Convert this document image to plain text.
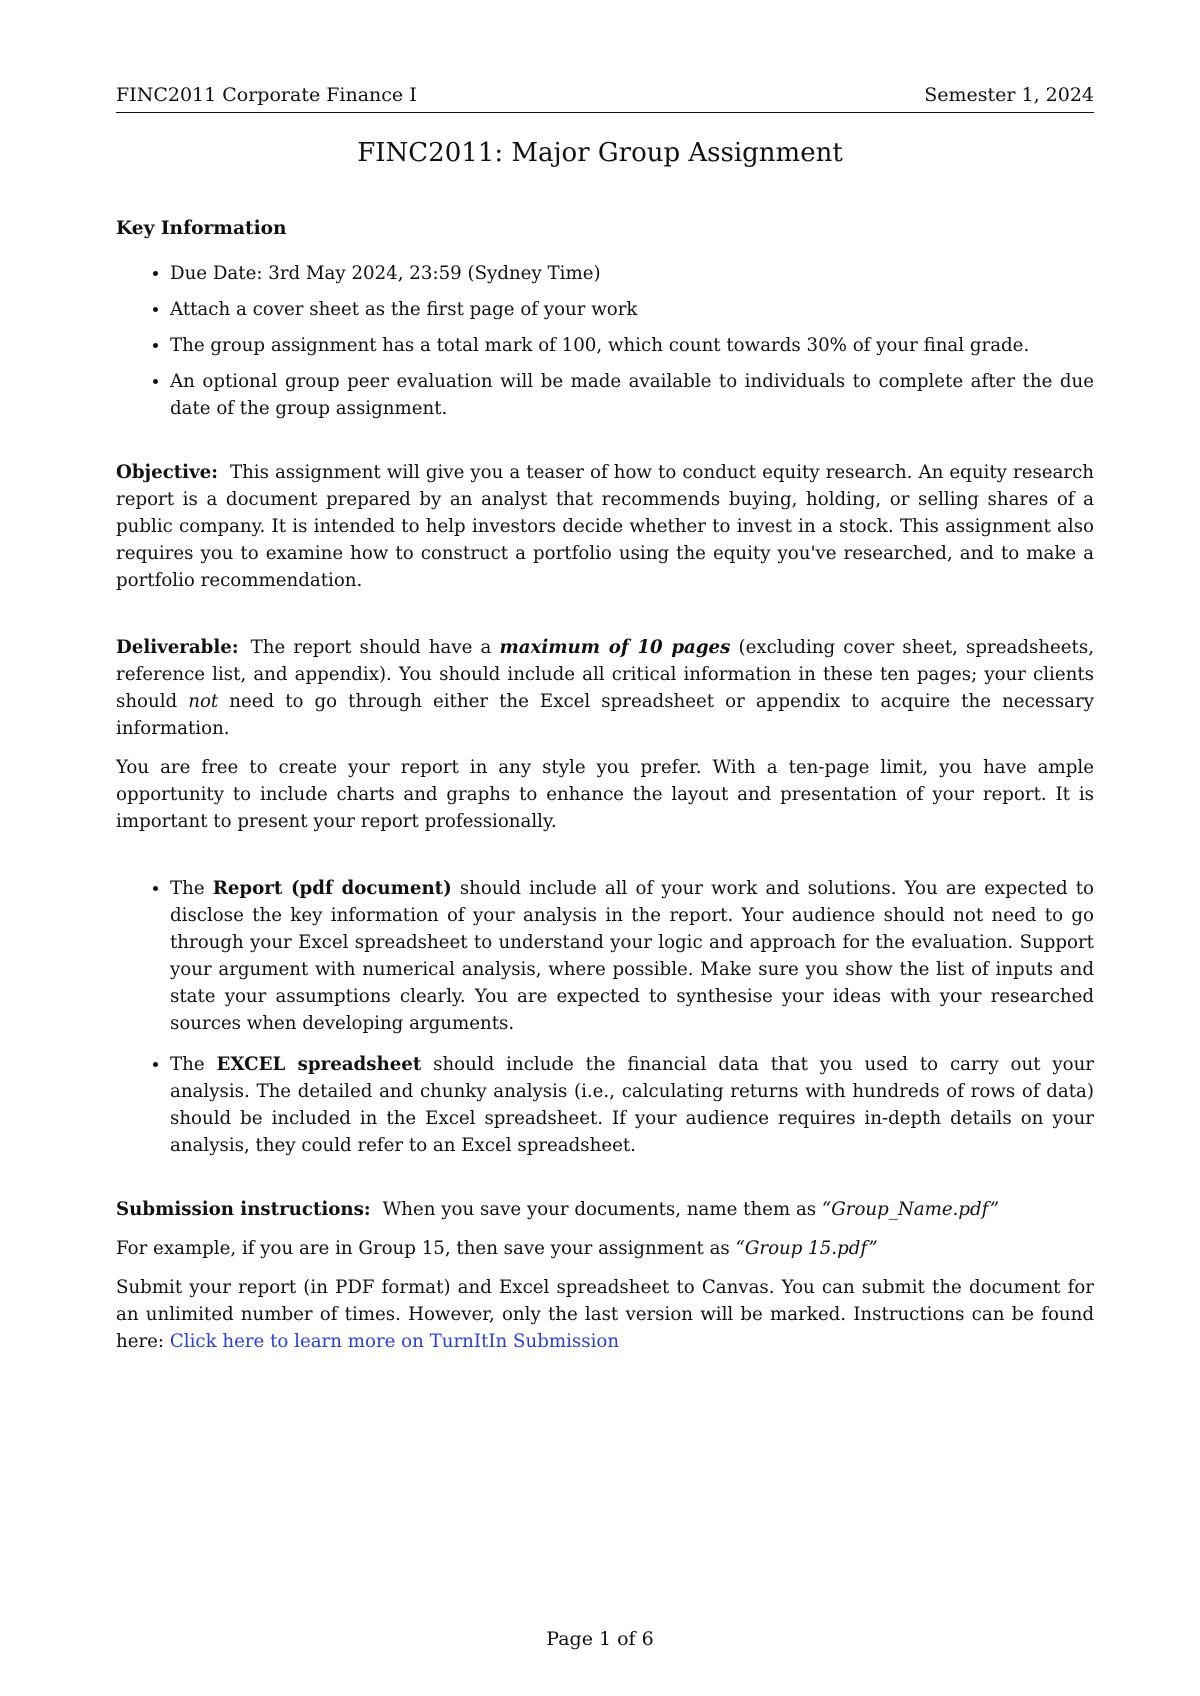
FINC2011 Corporate Finance I	Semester 1, 2024
FINC2011: Major Group Assignment
Key Information
• Due Date: 3rd May 2024, 23:59 (Sydney Time)
• Attach a cover sheet as the first page of your work
• The group assignment has a total mark of 100, which count towards 30% of your final grade.
• An optional group peer evaluation will be made available to individuals to complete after the due date of the group assignment.

Objective: This assignment will give you a teaser of how to conduct equity research. An equity research report is a document prepared by an analyst that recommends buying, holding, or selling shares of a public company. It is intended to help investors decide whether to invest in a stock. This assignment also requires you to examine how to construct a portfolio using the equity you've researched, and to make a portfolio recommendation.

Deliverable: The report should have a maximum of 10 pages (excluding cover sheet, spreadsheets, reference list, and appendix). You should include all critical information in these ten pages; your clients should not need to go through either the Excel spreadsheet or appendix to acquire the necessary information.

You are free to create your report in any style you prefer. With a ten-page limit, you have ample opportunity to include charts and graphs to enhance the layout and presentation of your report. It is important to present your report professionally.

• The Report (pdf document) should include all of your work and solutions. You are expected to disclose the key information of your analysis in the report. Your audience should not need to go through your Excel spreadsheet to understand your logic and approach for the evaluation. Support your argument with numerical analysis, where possible. Make sure you show the list of inputs and state your assumptions clearly. You are expected to synthesise your ideas with your researched sources when developing arguments.
• The EXCEL spreadsheet should include the financial data that you used to carry out your analysis. The detailed and chunky analysis (i.e., calculating returns with hundreds of rows of data) should be included in the Excel spreadsheet. If your audience requires in-depth details on your analysis, they could refer to an Excel spreadsheet.

Submission instructions: When you save your documents, name them as “Group_Name.pdf”

For example, if you are in Group 15, then save your assignment as “Group 15.pdf”

Submit your report (in PDF format) and Excel spreadsheet to Canvas. You can submit the document for an unlimited number of times. However, only the last version will be marked. Instructions can be found here: Click here to learn more on TurnItIn Submission

Page 1 of 6
